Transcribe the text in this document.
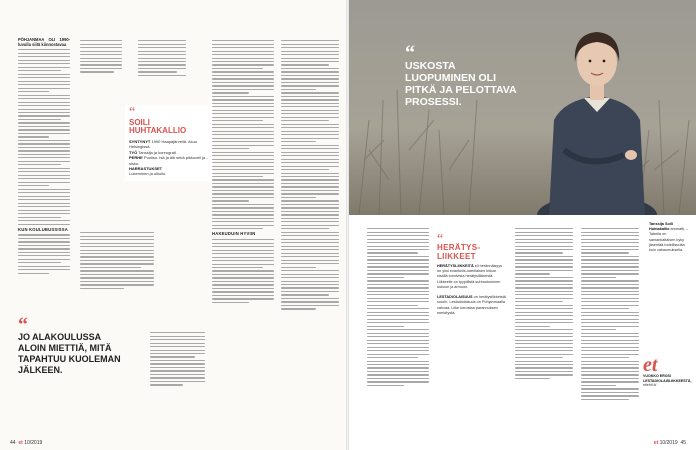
PÖHJANMAA OLI 1990-luvulla siitä kiinnostavaa
KUN KOULUBUSSISSA
“
SOILI
HUHTAKALLIO
SYNTYNYT 1990 Haapajärvellä. Asuu Helsingissä.
TYÖ Tanssija ja koreografi.
PERHE Puoliso. Isä ja äiti sekä pikkuveli ja -sisko.
HARRASTUKSET
Lukeminen ja ulkoilu.
HAKEUDUIN HYVIIN
“
JO ALAKOULUSSA ALOIN MIETTIÄ, MITÄ TAPAHTUU KUOLEMAN JÄLKEEN.
44 et 10/2019
“
USKOSTA LUOPUMINEN OLI PITKÄ JA PELOTTAVA PROSESSI.
“
HERÄTYS-
LIIKKEET
HERÄTYSLIIKKEITÄ eli herännäisyys on yksi evankelis-luterilaisen kirkon sisällä toimivista herätysliikkeistä. Liikkeelle on tyypillistä suhtautuminen uskoon ja armoon.

LESTADIOLAISUUS on herätysliikkeistä suurin. Lestadiolaisuus on Pohjanmaalla vahvaa. Liike korostaa parannuksen merkitystä.
Tanssija Soili Huhtakallio ammatti, – Tabella on samankaltaisen kyky jäsentää todellisuutta kuin vakaumuksella.
et
VUOKKO EROSI LESTADIOLAISLIIKKEESTÄ,
etlehti.fi/
et 10/2019 45
